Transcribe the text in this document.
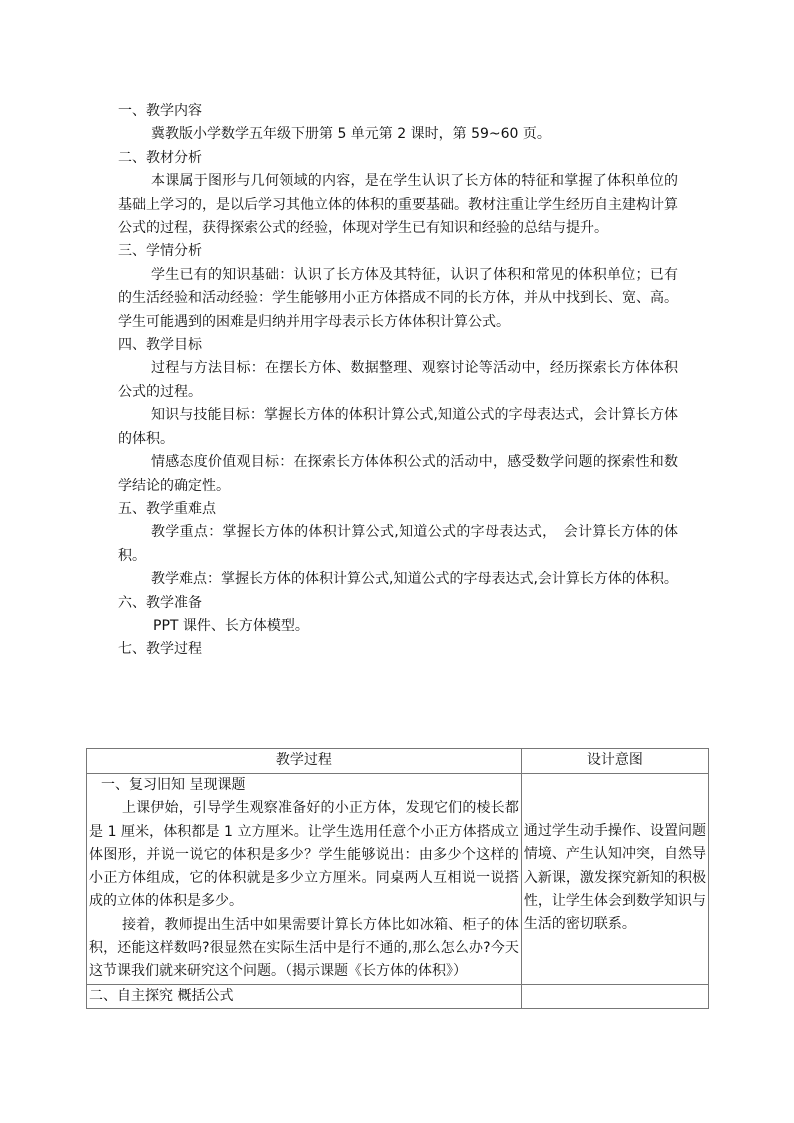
一、教学内容

冀教版小学数学五年级下册第 5 单元第 2 课时，第 59~60 页。

二、教材分析

本课属于图形与几何领域的内容，是在学生认识了长方体的特征和掌握了体积单位的基础上学习的，是以后学习其他立体的体积的重要基础。教材注重让学生经历自主建构计算公式的过程，获得探索公式的经验，体现对学生已有知识和经验的总结与提升。

三、学情分析

学生已有的知识基础：认识了长方体及其特征，认识了体积和常见的体积单位；已有的生活经验和活动经验：学生能够用小正方体搭成不同的长方体，并从中找到长、宽、高。学生可能遇到的困难是归纳并用字母表示长方体体积计算公式。

四、教学目标

过程与方法目标：在摆长方体、数据整理、观察讨论等活动中，经历探索长方体体积公式的过程。

知识与技能目标：掌握长方体的体积计算公式,知道公式的字母表达式，会计算长方体的体积。

情感态度价值观目标：在探索长方体体积公式的活动中，感受数学问题的探索性和数学结论的确定性。

五、教学重难点

教学重点：掌握长方体的体积计算公式,知道公式的字母表达式，　会计算长方体的体积。

教学难点：掌握长方体的体积计算公式,知道公式的字母表达式,会计算长方体的体积。

六、教学准备

PPT 课件、长方体模型。

七、教学过程

教学过程	设计意图

一、复习旧知 呈现课题

上课伊始，引导学生观察准备好的小正方体，发现它们的棱长都是 1 厘米，体积都是 1 立方厘米。让学生选用任意个小正方体搭成立体图形，并说一说它的体积是多少？学生能够说出：由多少个这样的小正方体组成，它的体积就是多少立方厘米。同桌两人互相说一说搭成的立体的体积是多少。

接着，教师提出生活中如果需要计算长方体比如冰箱、柜子的体积，还能这样数吗?很显然在实际生活中是行不通的,那么怎么办?今天这节课我们就来研究这个问题。（揭示课题《长方体的体积》）	通过学生动手操作、设置问题情境、产生认知冲突，自然导入新课，激发探究新知的积极性，让学生体会到数学知识与生活的密切联系。

二、自主探究 概括公式	
